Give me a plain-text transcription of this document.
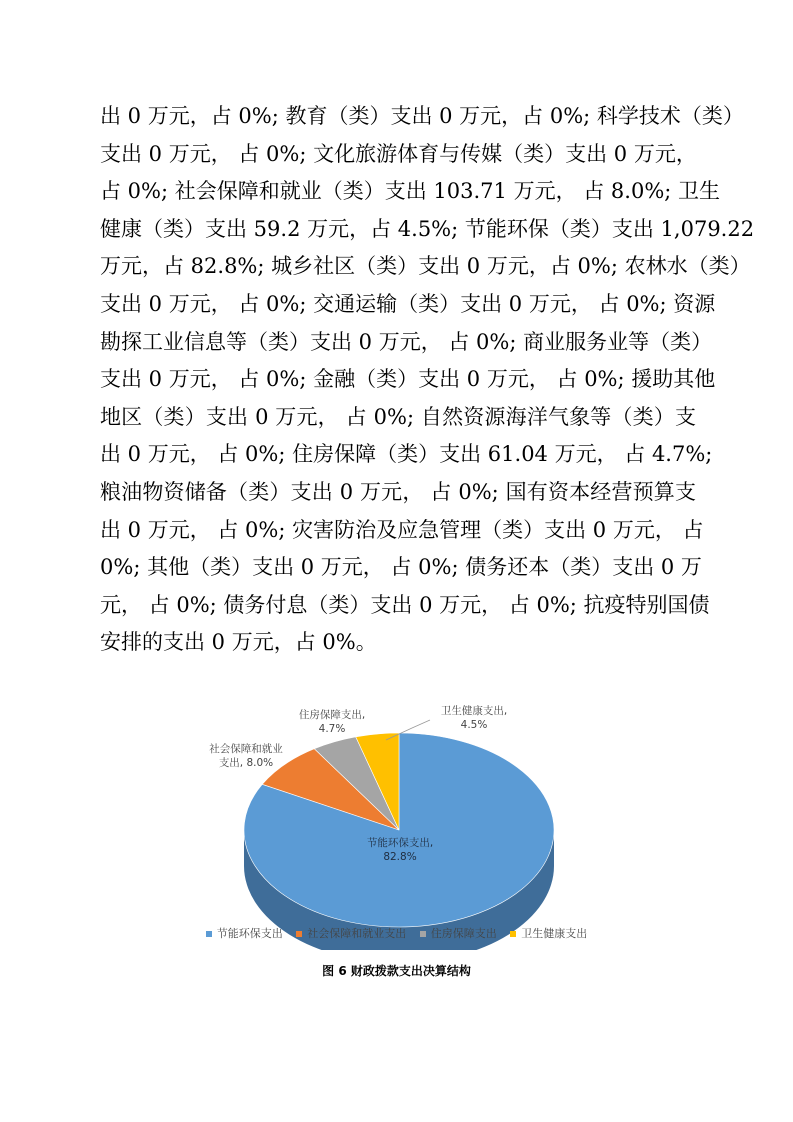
出 0 万元，占 0%; 教育（类）支出 0 万元，占 0%; 科学技术（类）
支出 0 万元， 占 0%; 文化旅游体育与传媒（类）支出 0 万元，
占 0%; 社会保障和就业（类）支出 103.71 万元， 占 8.0%; 卫生
健康（类）支出 59.2 万元，占 4.5%; 节能环保（类）支出 1,079.22
万元，占 82.8%; 城乡社区（类）支出 0 万元，占 0%; 农林水（类）
支出 0 万元， 占 0%; 交通运输（类）支出 0 万元， 占 0%; 资源
勘探工业信息等（类）支出 0 万元， 占 0%; 商业服务业等（类）
支出 0 万元， 占 0%; 金融（类）支出 0 万元， 占 0%; 援助其他
地区（类）支出 0 万元， 占 0%; 自然资源海洋气象等（类）支
出 0 万元， 占 0%; 住房保障（类）支出 61.04 万元， 占 4.7%;
粮油物资储备（类）支出 0 万元， 占 0%; 国有资本经营预算支
出 0 万元， 占 0%; 灾害防治及应急管理（类）支出 0 万元， 占
0%; 其他（类）支出 0 万元， 占 0%; 债务还本（类）支出 0 万
元， 占 0%; 债务付息（类）支出 0 万元， 占 0%; 抗疫特别国债
安排的支出 0 万元，占 0%。
节能环保支出, 82.8%
社会保障和就业支出, 8.0%
住房保障支出, 4.7%
卫生健康支出, 4.5%
节能环保支出 社会保障和就业支出 住房保障支出 卫生健康支出
图 6 财政拨款支出决算结构
